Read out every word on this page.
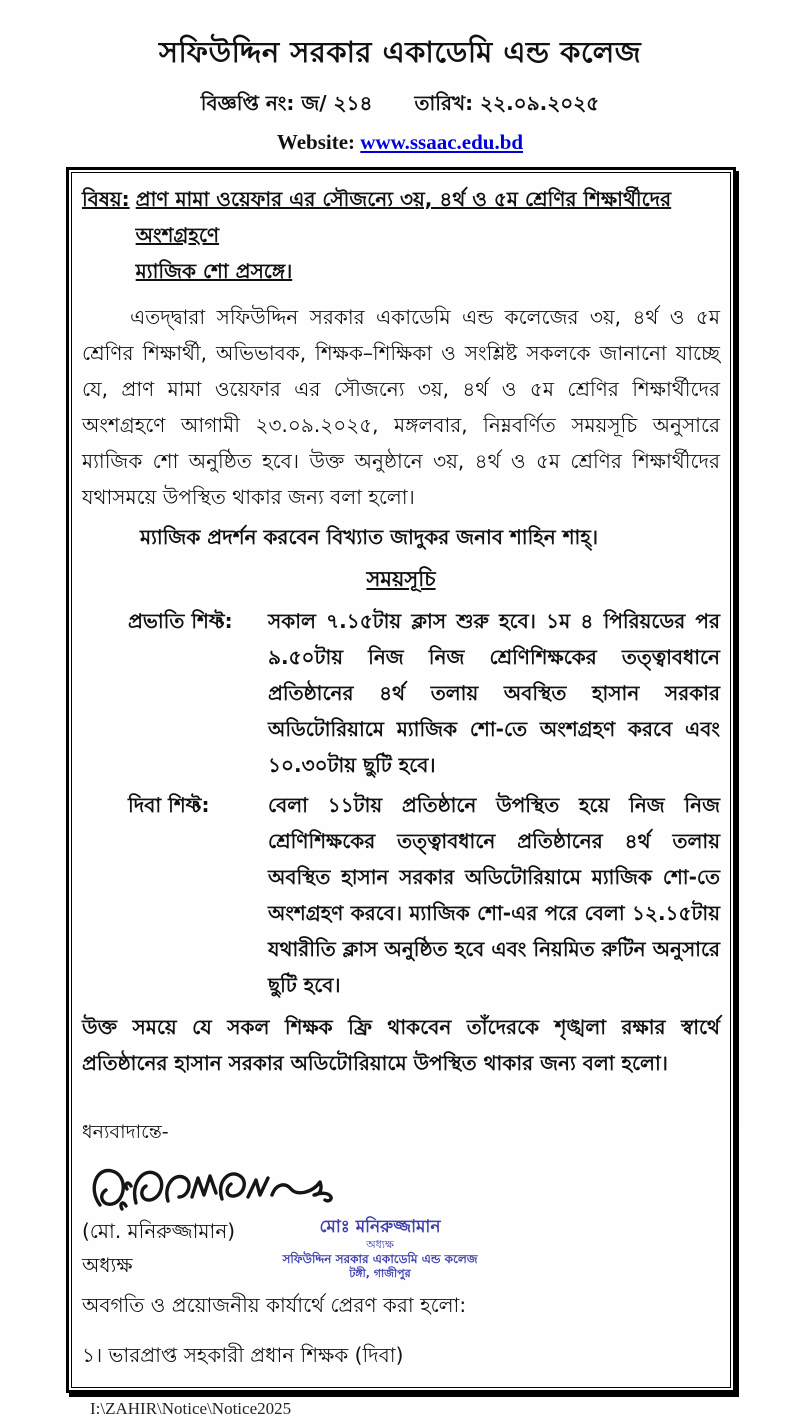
সফিউদ্দিন সরকার একাডেমি এন্ড কলেজ
বিজ্ঞপ্তি নং: জ/ ২১৪ তারিখ: ২২.০৯.২০২৫
Website: www.ssaac.edu.bd
বিষয়: প্রাণ মামা ওয়েফার এর সৌজন্যে ৩য়, ৪র্থ ও ৫ম শ্রেণির শিক্ষার্থীদের অংশগ্রহণে
ম্যাজিক শো প্রসঙ্গে।
এতদ্দ্বারা সফিউদ্দিন সরকার একাডেমি এন্ড কলেজের ৩য়, ৪র্থ ও ৫ম শ্রেণির শিক্ষার্থী, অভিভাবক, শিক্ষক–শিক্ষিকা ও সংশ্লিষ্ট সকলকে জানানো যাচ্ছে যে, প্রাণ মামা ওয়েফার এর সৌজন্যে ৩য়, ৪র্থ ও ৫ম শ্রেণির শিক্ষার্থীদের অংশগ্রহণে আগামী ২৩.০৯.২০২৫, মঙ্গলবার, নিম্নবর্ণিত সময়সূচি অনুসারে ম্যাজিক শো অনুষ্ঠিত হবে। উক্ত অনুষ্ঠানে ৩য়, ৪র্থ ও ৫ম শ্রেণির শিক্ষার্থীদের যথাসময়ে উপস্থিত থাকার জন্য বলা হলো।
ম্যাজিক প্রদর্শন করবেন বিখ্যাত জাদুকর জনাব শাহিন শাহ্‌।
সময়সূচি
প্রভাতি শিফ্ট:	সকাল ৭.১৫টায় ক্লাস শুরু হবে। ১ম ৪ পিরিয়ডের পর ৯.৫০টায় নিজ নিজ শ্রেণিশিক্ষকের তত্ত্বাবধানে প্রতিষ্ঠানের ৪র্থ তলায় অবস্থিত হাসান সরকার অডিটোরিয়ামে ম্যাজিক শো-তে অংশগ্রহণ করবে এবং ১০.৩০টায় ছুটি হবে।
দিবা শিফ্ট:	বেলা ১১টায় প্রতিষ্ঠানে উপস্থিত হয়ে নিজ নিজ শ্রেণিশিক্ষকের তত্ত্বাবধানে প্রতিষ্ঠানের ৪র্থ তলায় অবস্থিত হাসান সরকার অডিটোরিয়ামে ম্যাজিক শো-তে অংশগ্রহণ করবে। ম্যাজিক শো-এর পরে বেলা ১২.১৫টায় যথারীতি ক্লাস অনুষ্ঠিত হবে এবং নিয়মিত রুটিন অনুসারে ছুটি হবে।
উক্ত সময়ে যে সকল শিক্ষক ফ্রি থাকবেন তাঁদেরকে শৃঙ্খলা রক্ষার স্বার্থে প্রতিষ্ঠানের হাসান সরকার অডিটোরিয়ামে উপস্থিত থাকার জন্য বলা হলো।
ধন্যবাদান্তে-
(মো. মনিরুজ্জামান)
অধ্যক্ষ
মোঃ মনিরুজ্জামান
অধ্যক্ষ
সফিউদ্দিন সরকার একাডেমি এন্ড কলেজ
টঙ্গী, গাজীপুর
অবগতি ও প্রয়োজনীয় কার্যার্থে প্রেরণ করা হলো:
১। ভারপ্রাপ্ত সহকারী প্রধান শিক্ষক (দিবা)
I:\ZAHIR\Notice\Notice2025
